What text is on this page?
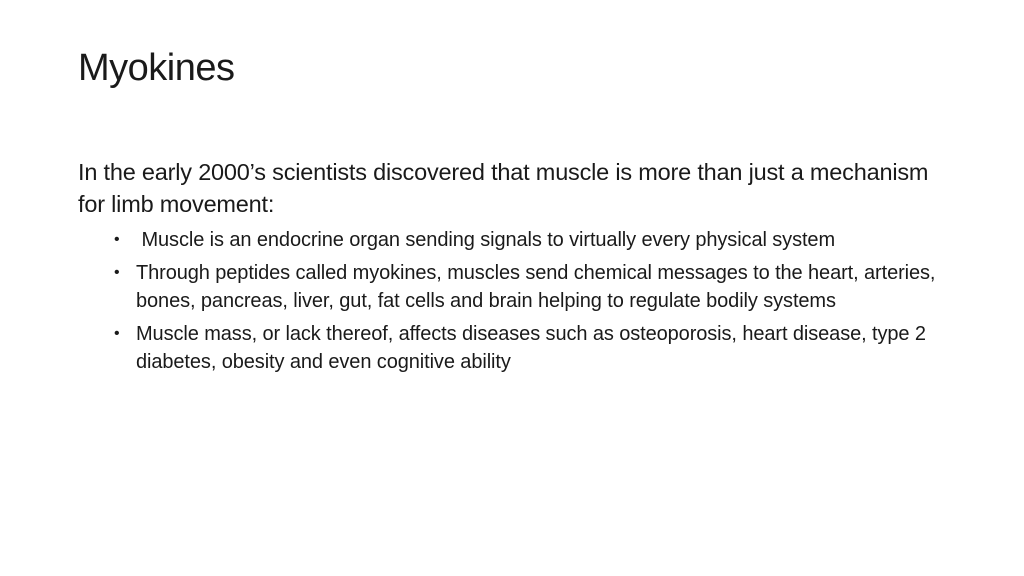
Myokines

In the early 2000’s scientists discovered that muscle is more than just a mechanism for limb movement:

• Muscle is an endocrine organ sending signals to virtually every physical system
• Through peptides called myokines, muscles send chemical messages to the heart, arteries, bones, pancreas, liver, gut, fat cells and brain helping to regulate bodily systems
• Muscle mass, or lack thereof, affects diseases such as osteoporosis, heart disease, type 2 diabetes, obesity and even cognitive ability
